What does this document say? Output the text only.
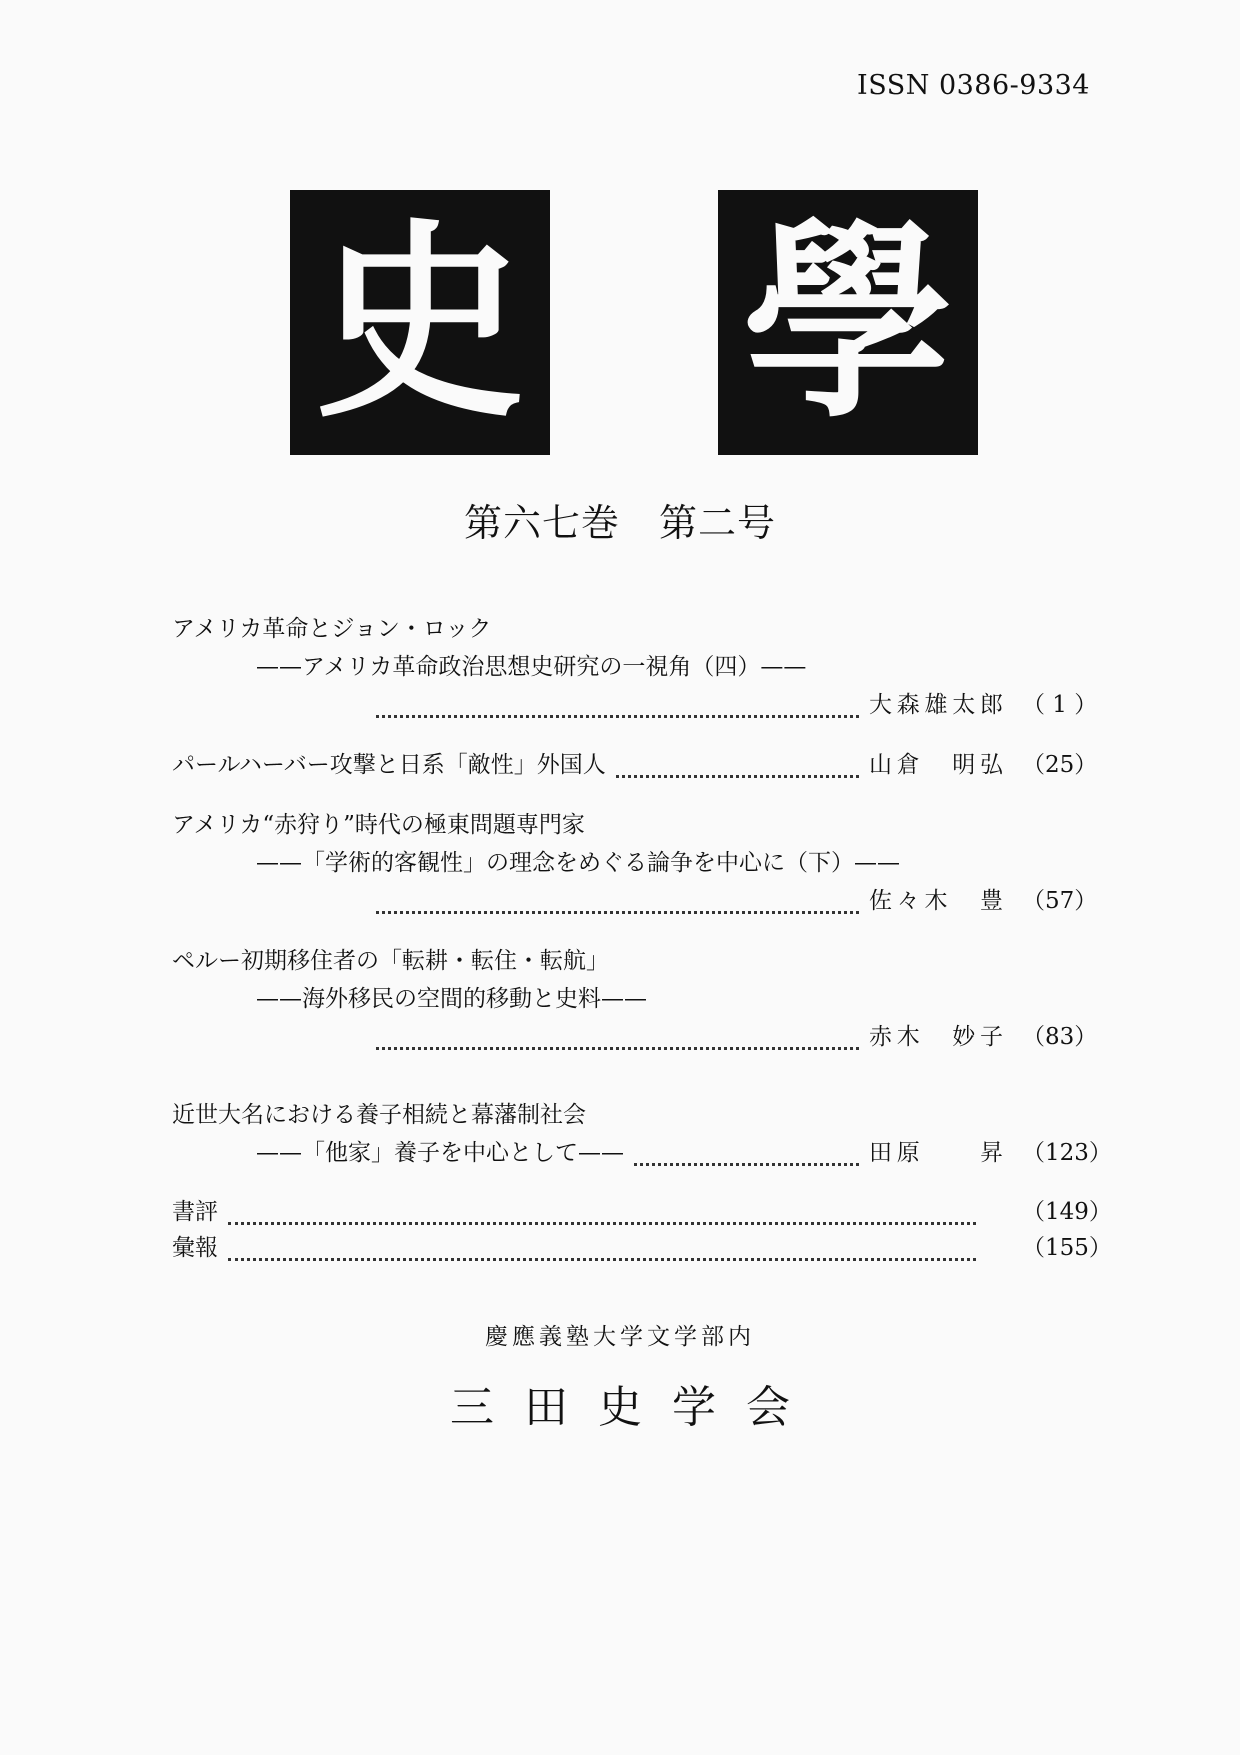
ISSN 0386-9334
史 學
第六七巻　第二号
アメリカ革命とジョン・ロック
——アメリカ革命政治思想史研究の一視角（四）——
大森雄太郎 （ 1 ）
パールハーバー攻撃と日系「敵性」外国人	山倉　明弘 （25）
アメリカ“赤狩り”時代の極東問題専門家
——「学術的客観性」の理念をめぐる論争を中心に（下）——
佐々木　豊 （57）
ペルー初期移住者の「転耕・転住・転航」
——海外移民の空間的移動と史料——
赤木　妙子 （83）
近世大名における養子相続と幕藩制社会
——「他家」養子を中心として——	田原　　昇 （123）
書評	（149）
彙報	（155）
慶應義塾大学文学部内
三田史学会
